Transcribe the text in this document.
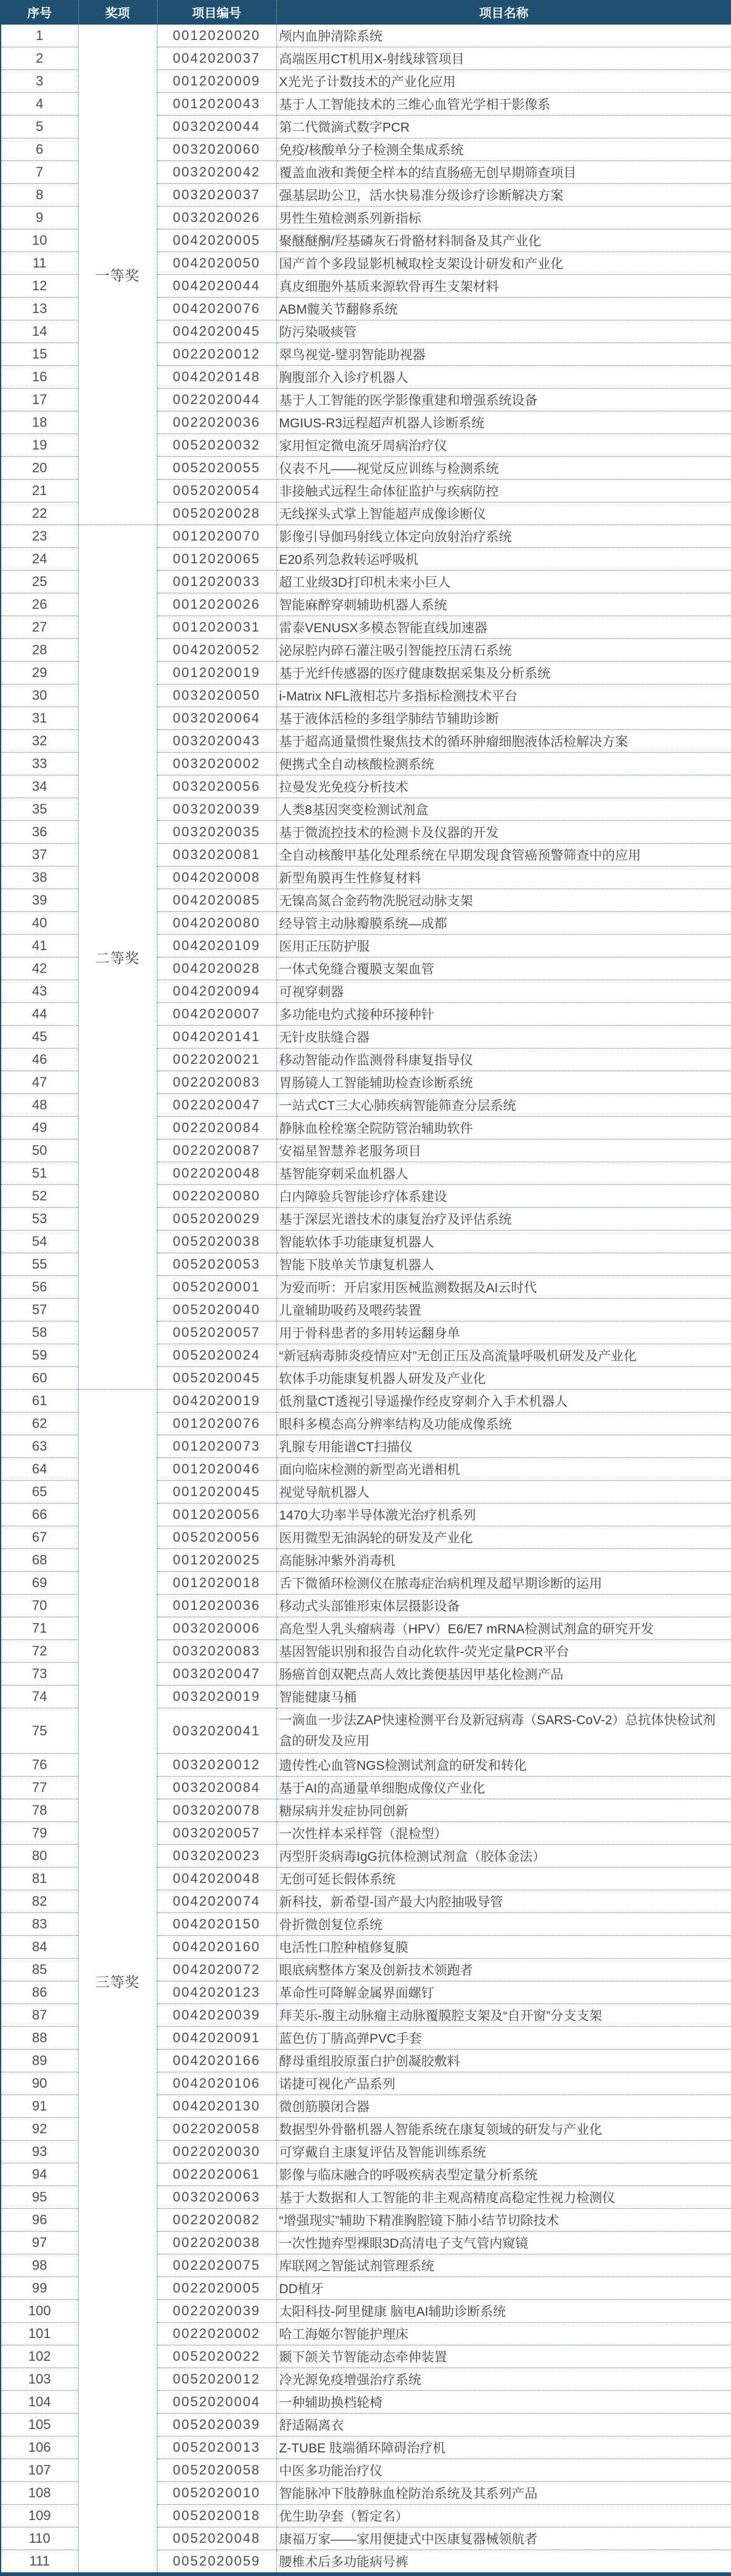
序号	奖项	项目编号	项目名称
1	一等奖	0012020020	颅内血肿清除系统
2		0042020037	高端医用CT机用X-射线球管项目
3		0012020009	X光光子计数技术的产业化应用
4		0012020043	基于人工智能技术的三维心血管光学相干影像系
5		0032020044	第二代微滴式数字PCR
6		0032020060	免疫/核酸单分子检测全集成系统
7		0032020042	覆盖血液和粪便全样本的结直肠癌无创早期筛查项目
8		0032020037	强基层助公卫，活水快易准分级诊疗诊断解决方案
9		0032020026	男性生殖检测系列新指标
10		0042020005	聚醚醚酮/羟基磷灰石骨骼材料制备及其产业化
11		0042020050	国产首个多段显影机械取栓支架设计研发和产业化
12		0042020044	真皮细胞外基质来源软骨再生支架材料
13		0042020076	ABM髋关节翻修系统
14		0042020045	防污染吸痰管
15		0022020012	翠鸟视觉-璧羽智能助视器
16		0042020148	胸腹部介入诊疗机器人
17		0022020044	基于人工智能的医学影像重建和增强系统设备
18		0022020036	MGIUS-R3远程超声机器人诊断系统
19		0052020032	家用恒定微电流牙周病治疗仪
20		0052020055	仪表不凡——视觉反应训练与检测系统
21		0052020054	非接触式远程生命体征监护与疾病防控
22		0052020028	无线探头式掌上智能超声成像诊断仪
23	二等奖	0012020070	影像引导伽玛射线立体定向放射治疗系统
24		0012020065	E20系列急救转运呼吸机
25		0012020033	超工业级3D打印机未来小巨人
26		0012020026	智能麻醉穿刺辅助机器人系统
27		0012020031	雷泰VENUSX多模态智能直线加速器
28		0042020052	泌尿腔内碎石灌注吸引智能控压清石系统
29		0012020019	基于光纤传感器的医疗健康数据采集及分析系统
30		0032020050	i-Matrix NFL液相芯片多指标检测技术平台
31		0032020064	基于液体活检的多组学肺结节辅助诊断
32		0032020043	基于超高通量惯性聚焦技术的循环肿瘤细胞液体活检解决方案
33		0032020002	便携式全自动核酸检测系统
34		0032020056	拉曼发光免疫分析技术
35		0032020039	人类8基因突变检测试剂盒
36		0032020035	基于微流控技术的检测卡及仪器的开发
37		0032020081	全自动核酸甲基化处理系统在早期发现食管癌预警筛查中的应用
38		0042020008	新型角膜再生性修复材料
39		0042020085	无镍高氮合金药物洗脱冠动脉支架
40		0042020080	经导管主动脉瓣膜系统—成都
41		0042020109	医用正压防护服
42		0042020028	一体式免缝合覆膜支架血管
43		0042020094	可视穿刺器
44		0042020007	多功能电灼式接种环接种针
45		0042020141	无针皮肤缝合器
46		0022020021	移动智能动作监测骨科康复指导仪
47		0022020083	胃肠镜人工智能辅助检查诊断系统
48		0022020047	一站式CT三大心肺疾病智能筛查分层系统
49		0022020084	静脉血栓栓塞全院防管治辅助软件
50		0022020087	安福星智慧养老服务项目
51		0022020048	基智能穿刺采血机器人
52		0022020080	白内障验兵智能诊疗体系建设
53		0052020029	基于深层光谱技术的康复治疗及评估系统
54		0052020038	智能软体手功能康复机器人
55		0052020053	智能下肢单关节康复机器人
56		0052020001	为爱而听：开启家用医械监测数据及AI云时代
57		0052020040	儿童辅助吸药及喂药装置
58		0052020057	用于骨科患者的多用转运翻身单
59		0052020024	“新冠病毒肺炎疫情应对”无创正压及高流量呼吸机研发及产业化
60		0052020045	软体手功能康复机器人研发及产业化
61	三等奖	0042020019	低剂量CT透视引导遥操作经皮穿刺介入手术机器人
62		0012020076	眼科多模态高分辨率结构及功能成像系统
63		0012020073	乳腺专用能谱CT扫描仪
64		0012020046	面向临床检测的新型高光谱相机
65		0012020045	视觉导航机器人
66		0012020056	1470大功率半导体激光治疗机系列
67		0052020056	医用微型无油涡轮的研发及产业化
68		0012020025	高能脉冲紫外消毒机
69		0012020018	舌下微循环检测仪在脓毒症治病机理及超早期诊断的运用
70		0012020036	移动式头部锥形束体层摄影设备
71		0032020006	高危型人乳头瘤病毒（HPV）E6/E7 mRNA检测试剂盒的研究开发
72		0032020083	基因智能识别和报告自动化软件-荧光定量PCR平台
73		0032020047	肠癌首创双靶点高人效比粪便基因甲基化检测产品
74		0032020019	智能健康马桶
75		0032020041	一滴血一步法ZAP快速检测平台及新冠病毒（SARS-CoV-2）总抗体快检试剂盒的研发及应用
76		0032020012	遗传性心血管NGS检测试剂盒的研发和转化
77		0032020084	基于AI的高通量单细胞成像仪产业化
78		0032020078	糖尿病并发症协同创新
79		0032020057	一次性样本采样管（混检型）
80		0032020023	丙型肝炎病毒IgG抗体检测试剂盒（胶体金法）
81		0042020048	无创可延长假体系统
82		0042020074	新科技，新希望-国产最大内腔抽吸导管
83		0042020150	骨折微创复位系统
84		0042020160	电活性口腔种植修复膜
85		0042020072	眼底病整体方案及创新技术领跑者
86		0042020123	革命性可降解金属界面螺钉
87		0042020039	拜芙乐-腹主动脉瘤主动脉覆膜腔支架及“自开窗”分支支架
88		0042020091	蓝色仿丁腈高弹PVC手套
89		0042020166	酵母重组胶原蛋白护创凝胶敷料
90		0042020106	诺捷可视化产品系列
91		0042020130	微创筋膜闭合器
92		0022020058	数据型外骨骼机器人智能系统在康复领域的研发与产业化
93		0022020030	可穿戴自主康复评估及智能训练系统
94		0022020061	影像与临床融合的呼吸疾病表型定量分析系统
95		0032020063	基于大数据和人工智能的非主观高精度高稳定性视力检测仪
96		0022020082	“增强现实”辅助下精准胸腔镜下肺小结节切除技术
97		0022020038	一次性抛弃型裸眼3D高清电子支气管内窥镜
98		0022020075	库联网之智能试剂管理系统
99		0022020005	DD植牙
100		0022020039	太阳科技-阿里健康 脑电AI辅助诊断系统
101		0022020002	哈工海姬尔智能护理床
102		0052020022	颞下颌关节智能动态牵伸装置
103		0052020012	冷光源免疫增强治疗系统
104		0052020004	一种辅助换档轮椅
105		0052020039	舒适隔离衣
106		0052020013	Z-TUBE 肢端循环障碍治疗机
107		0052020058	中医多功能治疗仪
108		0052020010	智能脉冲下肢静脉血栓防治系统及其系列产品
109		0052020018	优生助孕套（暂定名）
110		0052020048	康福万家——家用便捷式中医康复器械领航者
111		0052020059	腰椎术后多功能病号裤
